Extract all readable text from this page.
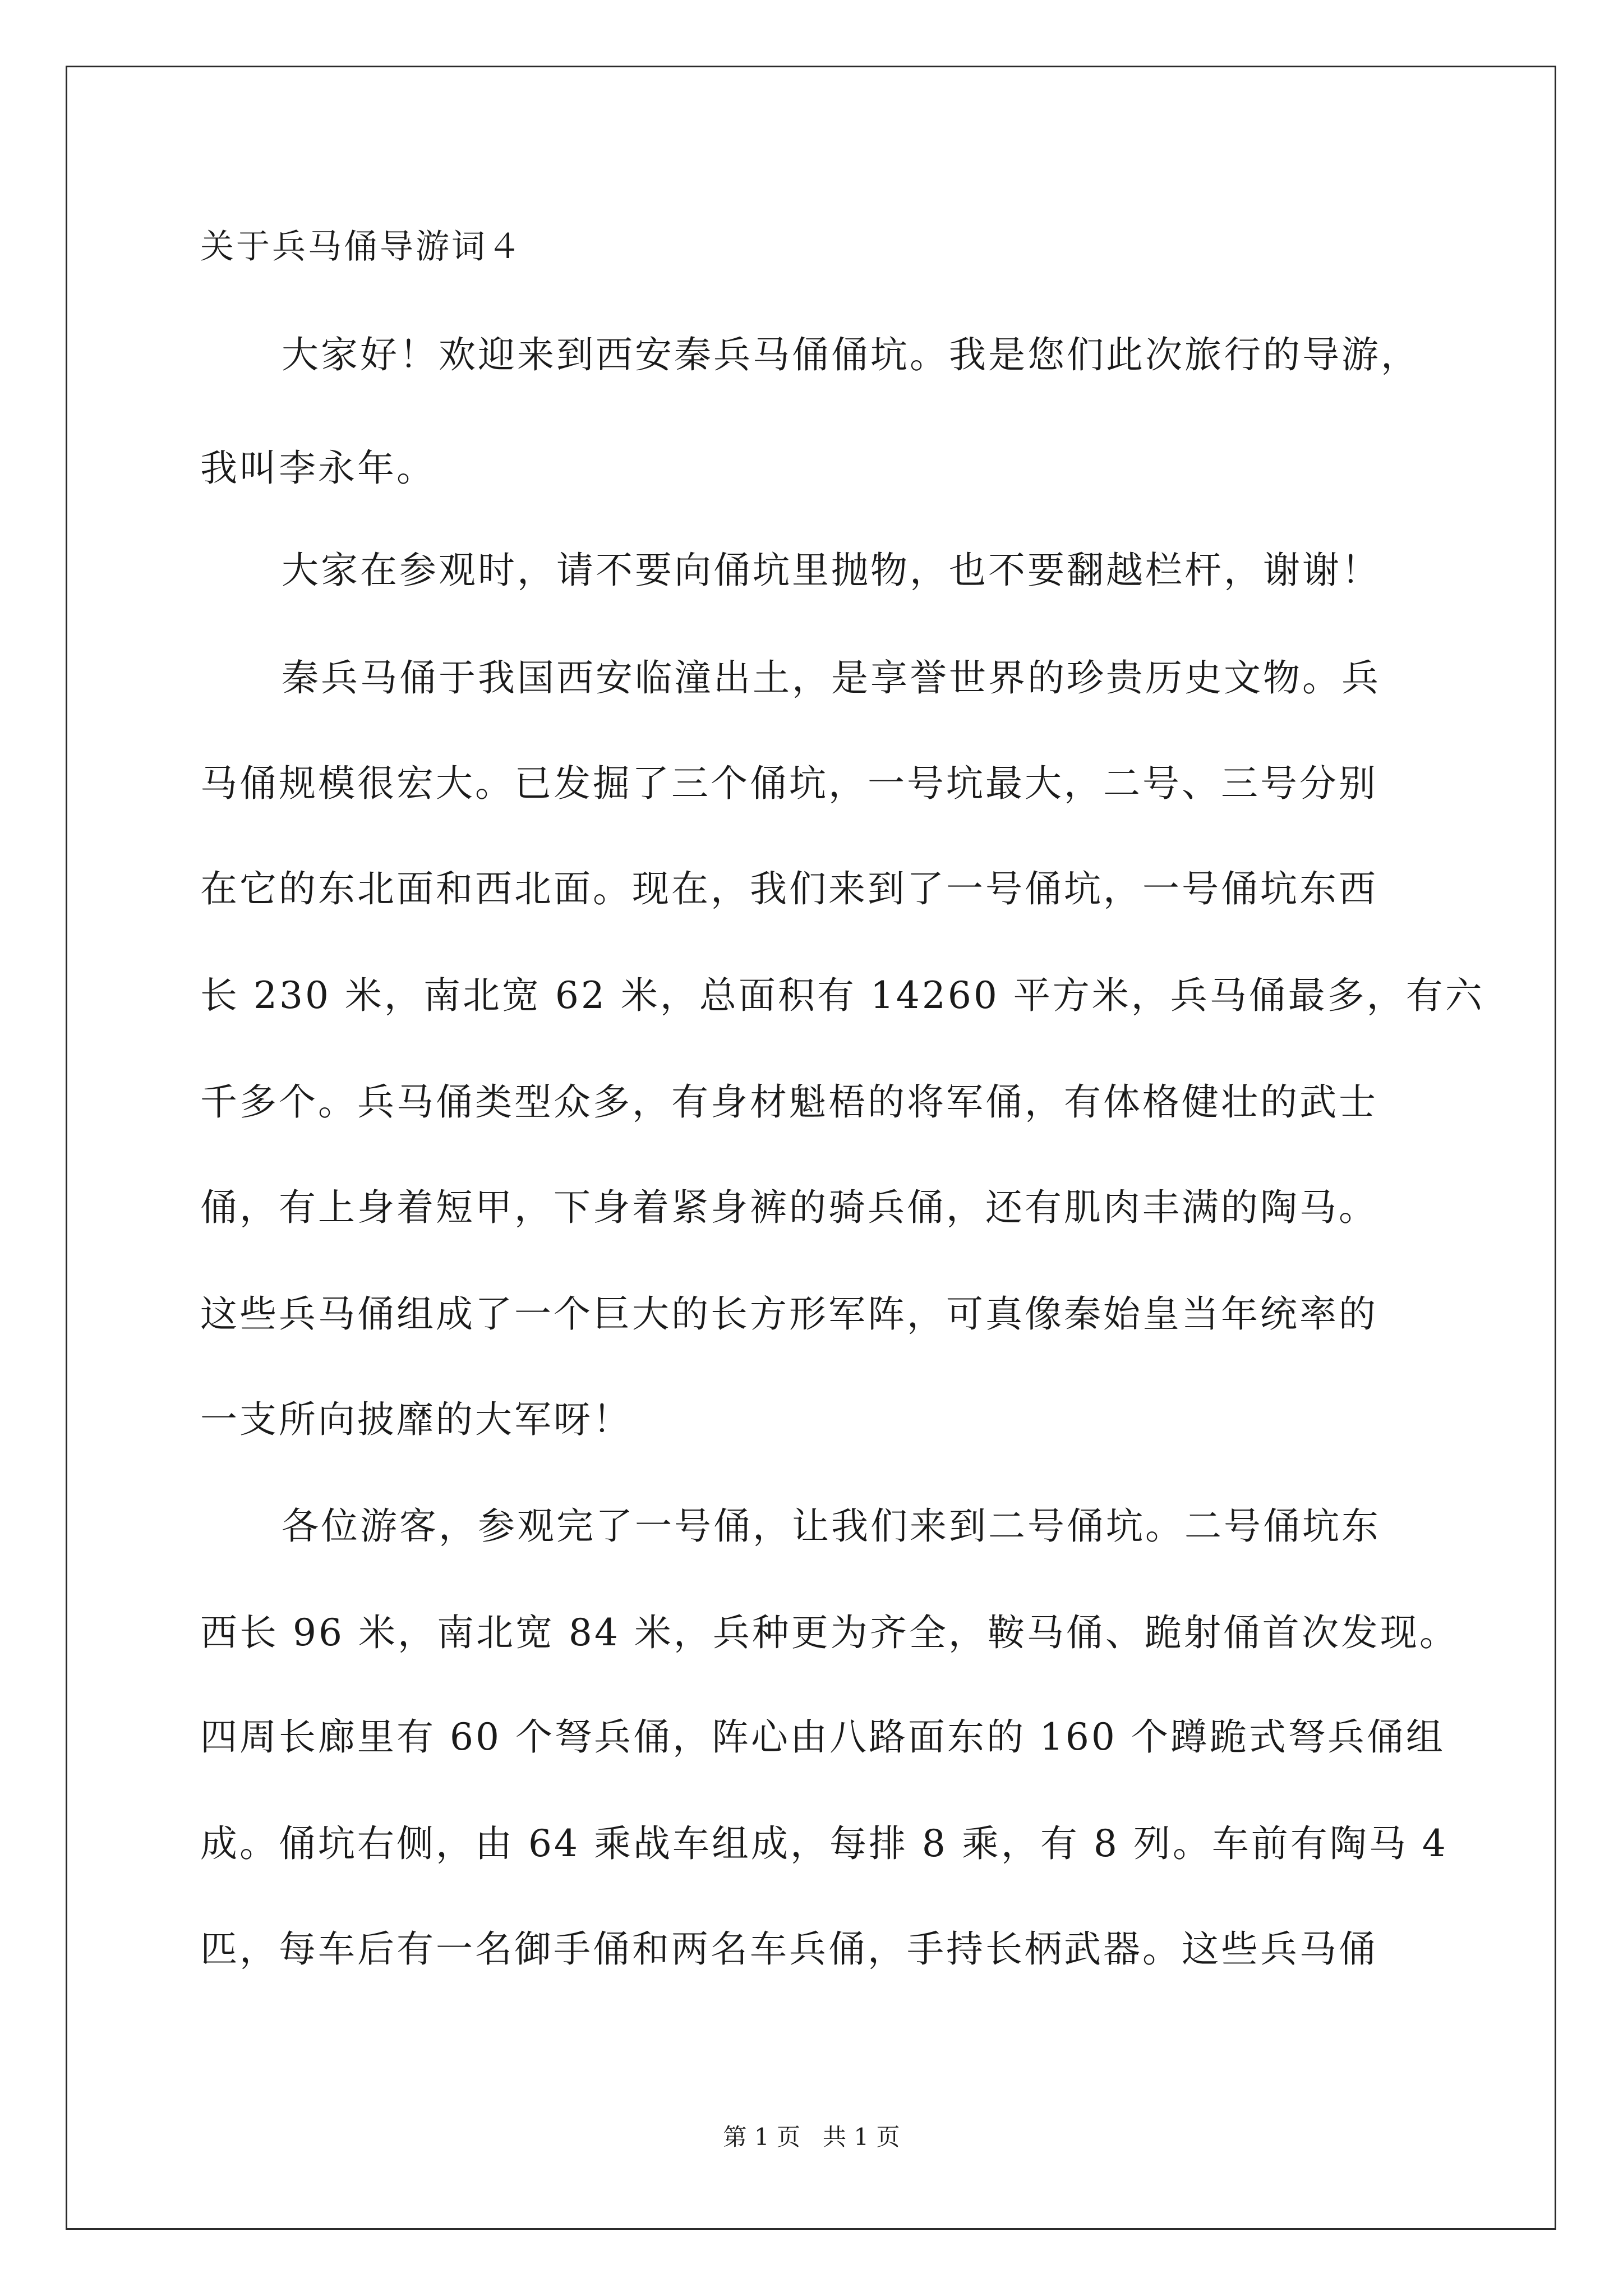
关于兵马俑导游词４
大家好！欢迎来到西安秦兵马俑俑坑。我是您们此次旅行的导游，
我叫李永年。
大家在参观时，请不要向俑坑里抛物，也不要翻越栏杆，谢谢！
秦兵马俑于我国西安临潼出土，是享誉世界的珍贵历史文物。兵
马俑规模很宏大。已发掘了三个俑坑，一号坑最大，二号、三号分别
在它的东北面和西北面。现在，我们来到了一号俑坑，一号俑坑东西
长 230 米，南北宽 62 米，总面积有 14260 平方米，兵马俑最多，有六
千多个。兵马俑类型众多，有身材魁梧的将军俑，有体格健壮的武士
俑，有上身着短甲，下身着紧身裤的骑兵俑，还有肌肉丰满的陶马。
这些兵马俑组成了一个巨大的长方形军阵，可真像秦始皇当年统率的
一支所向披靡的大军呀！
各位游客，参观完了一号俑，让我们来到二号俑坑。二号俑坑东
西长 96 米，南北宽 84 米，兵种更为齐全，鞍马俑、跪射俑首次发现。
四周长廊里有 60 个弩兵俑，阵心由八路面东的 160 个蹲跪式弩兵俑组
成。俑坑右侧，由 64 乘战车组成，每排 8 乘，有 8 列。车前有陶马 4
匹，每车后有一名御手俑和两名车兵俑，手持长柄武器。这些兵马俑
第 1 页   共 1 页
